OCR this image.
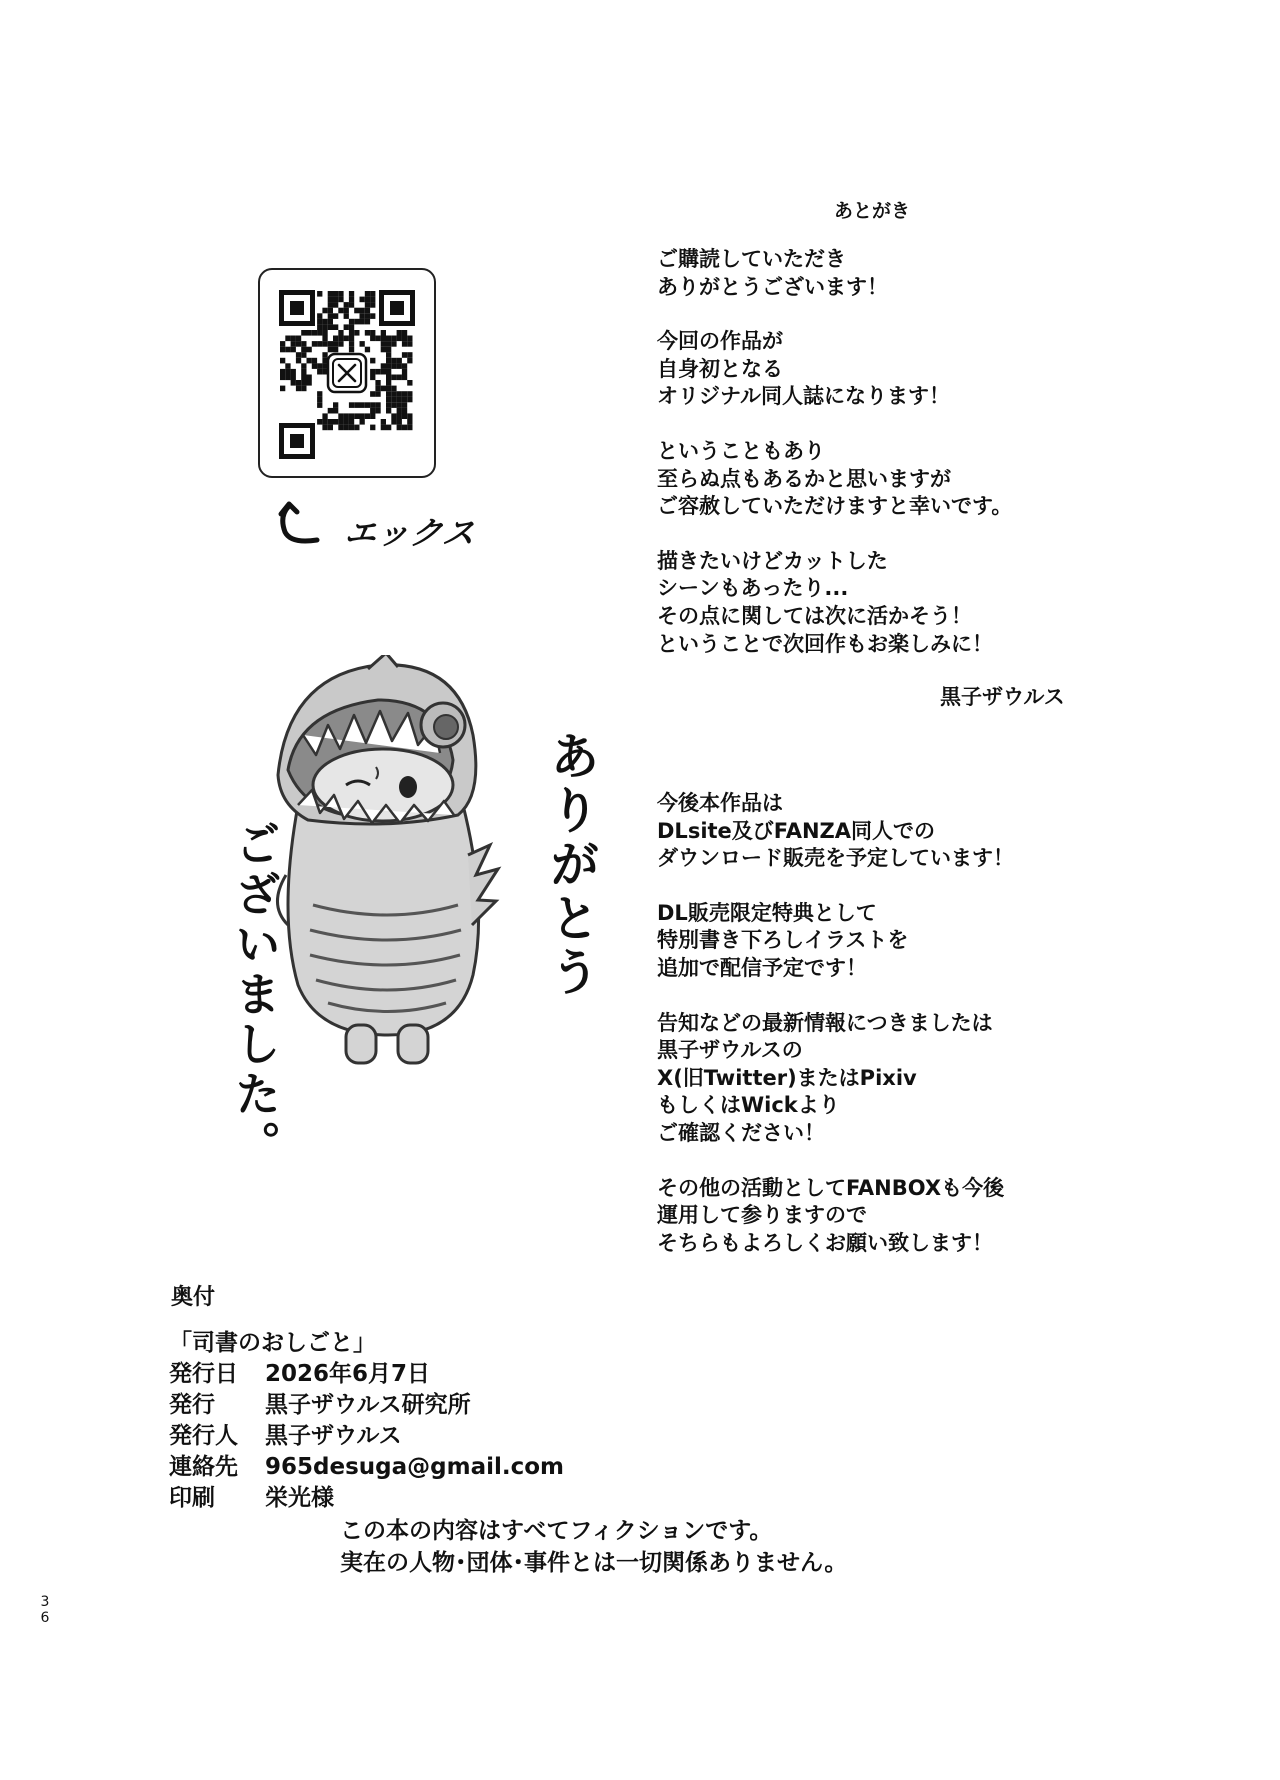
あとがき
ご購読していただき
ありがとうございます！
今回の作品が
自身初となる
オリジナル同人誌になります！
ということもあり
至らぬ点もあるかと思いますが
ご容赦していただけますと幸いです。
描きたいけどカットした
シーンもあったり...
その点に関しては次に活かそう！
ということで次回作もお楽しみに！
黒子ザウルス
今後本作品は
DLsite及びFANZA同人での
ダウンロード販売を予定しています！
DL販売限定特典として
特別書き下ろしイラストを
追加で配信予定です！
告知などの最新情報につきましたは
黒子ザウルスの
X(旧Twitter)またはPixiv
もしくはWickより
ご確認ください！
その他の活動としてFANBOXも今後
運用して参りますので
そちらもよろしくお願い致します！
エックス
ありがとう
ございました。
奥付
「司書のおしごと」
発行日 2026年6月7日
発行 黒子ザウルス研究所
発行人 黒子ザウルス
連絡先 965desuga@gmail.com
印刷 栄光様
この本の内容はすべてフィクションです。
実在の人物･団体･事件とは一切関係ありません。
3
6
